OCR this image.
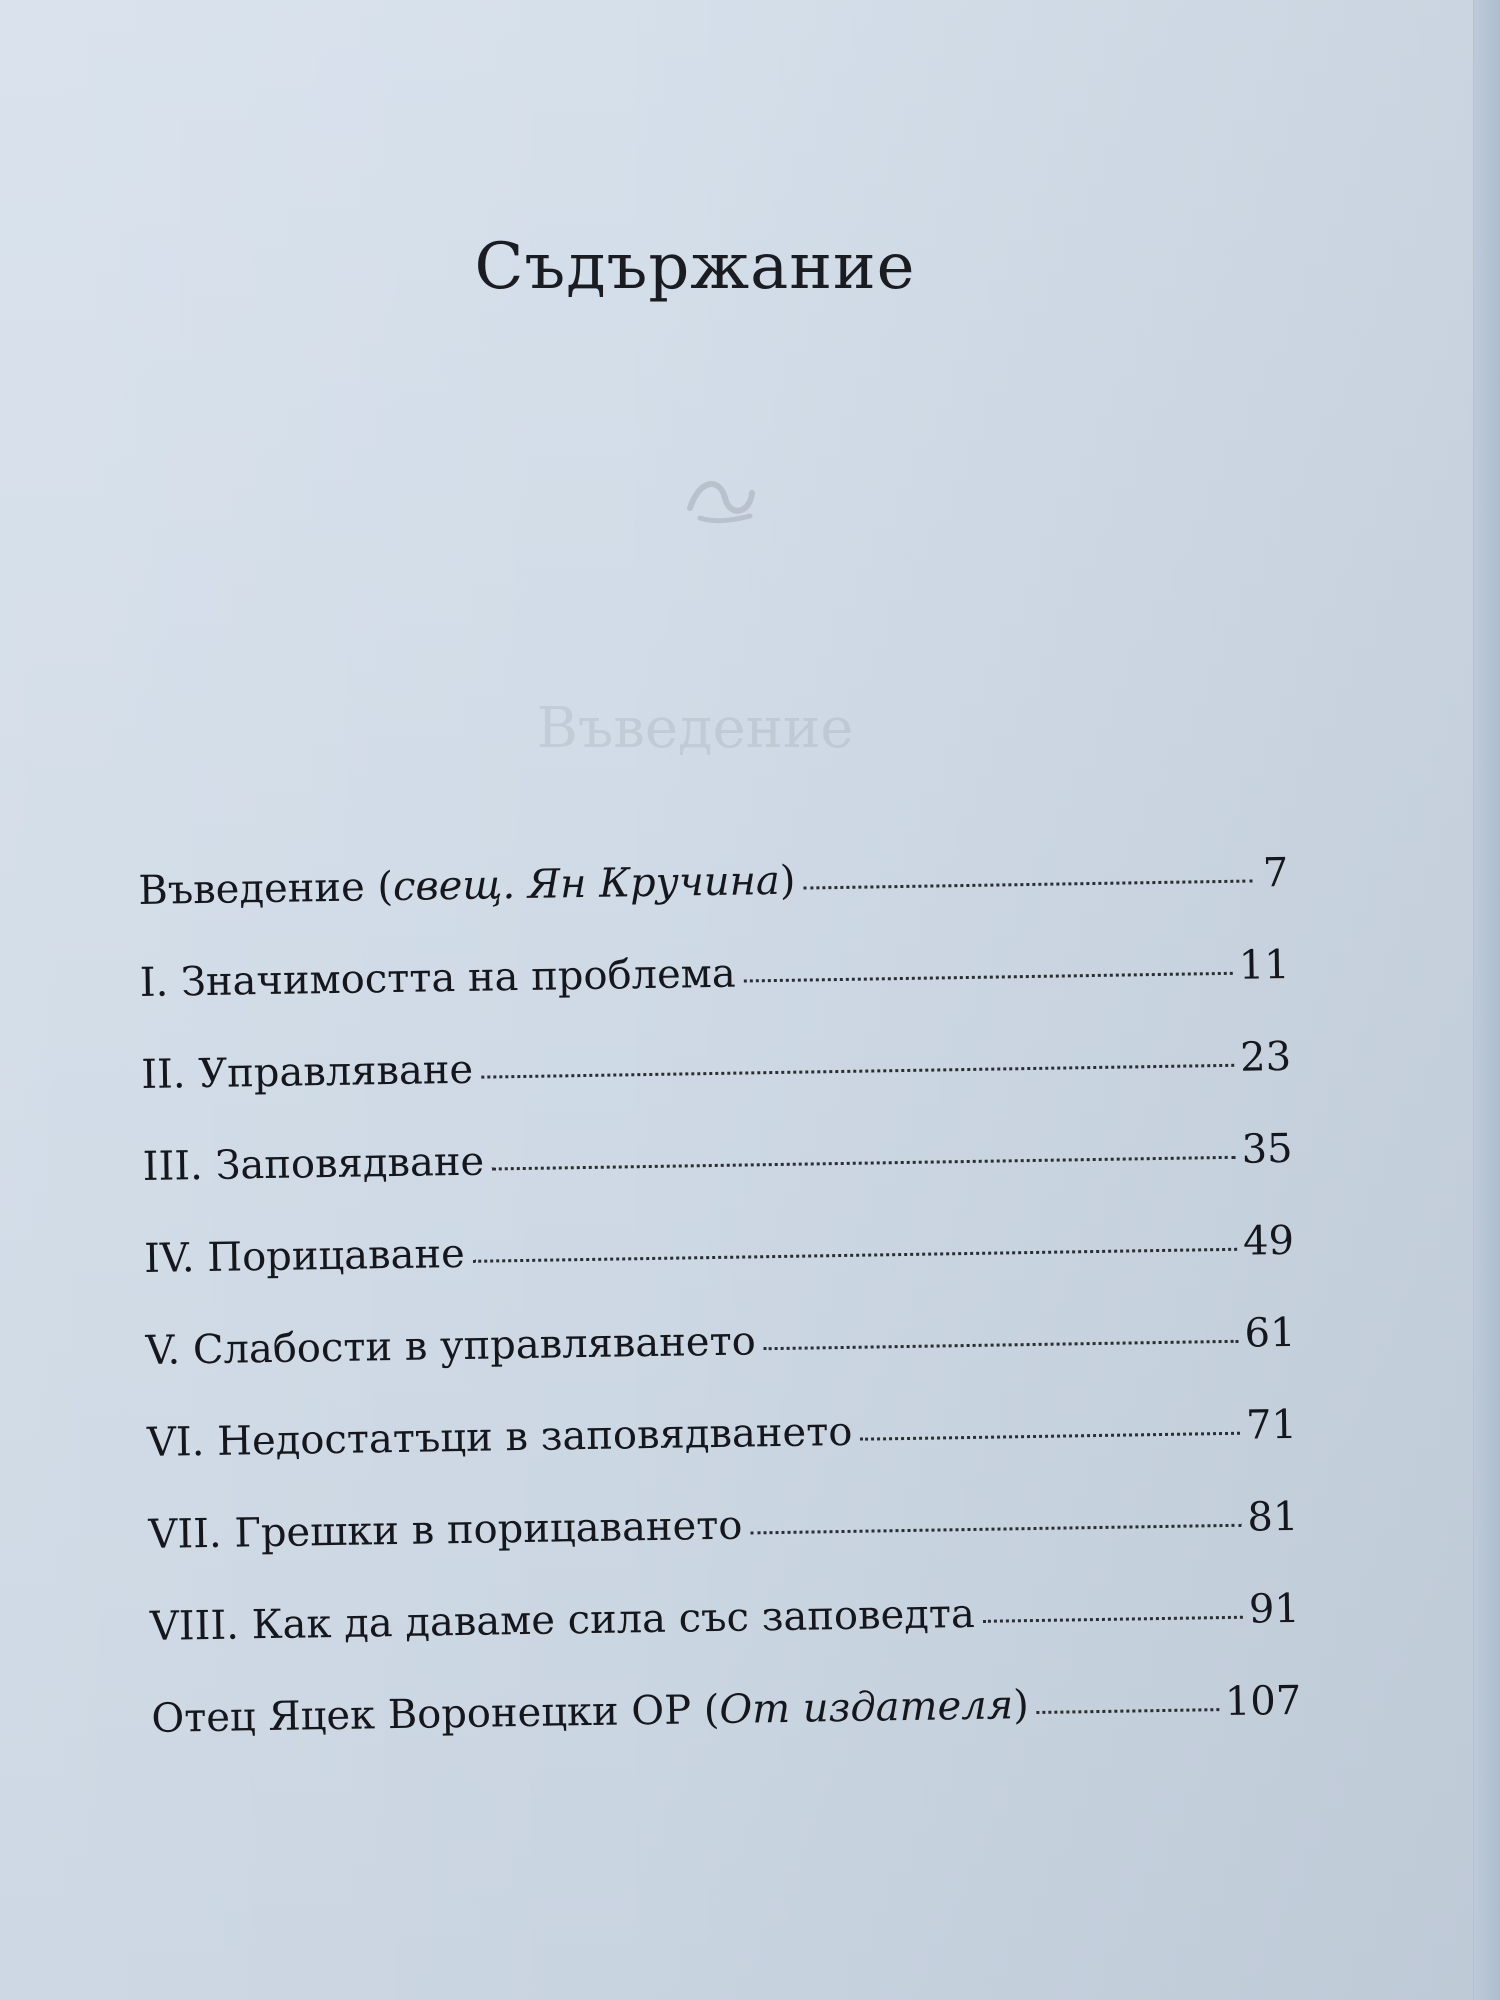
Съдържание
Въведение
Въведение (свещ. Ян Кручина)	7
I. Значимостта на проблема	11
II. Управляване	23
III. Заповядване	35
IV. Порицаване	49
V. Слабости в управляването	61
VI. Недостатъци в заповядването	71
VII. Грешки в порицаването	81
VIII. Как да даваме сила със заповедта	91
Отец Яцек Воронецки OP (От издателя)	107
